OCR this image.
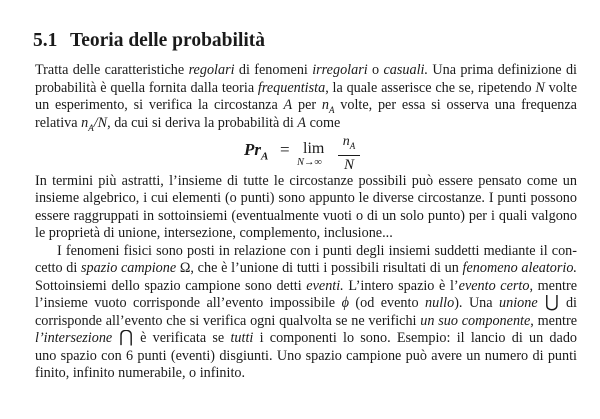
5.1 Teoria delle probabilità
Tratta delle caratteristiche regolari di fenomeni irregolari o casuali. Una prima definizione di
probabilità è quella fornita dalla teoria frequentista, la quale asserisce che se, ripetendo N volte
un esperimento, si verifica la circostanza A per $n_A$ volte, per essa si osserva una frequenza
relativa $n_A/N$, da cui si deriva la probabilità di A come
$Pr_A = \lim$
N→∞
$n_A$
N
In termini più astratti, l’insieme di tutte le circostanze possibili può essere pensato come un
insieme algebrico, i cui elementi (o punti) sono appunto le diverse circostanze. I punti possono
essere raggruppati in sottoinsiemi (eventualmente vuoti o di un solo punto) per i quali valgono
le proprietà di unione, intersezione, complemento, inclusione...
I fenomeni fisici sono posti in relazione con i punti degli insiemi suddetti mediante il con-
cetto di spazio campione Ω, che è l’unione di tutti i possibili risultati di un fenomeno aleatorio.
Sottoinsiemi dello spazio campione sono detti eventi. L’intero spazio è l’evento certo, mentre
l’insieme vuoto corrisponde all’evento impossibile ϕ (od evento nullo). Una unione ⋃ di
corrisponde all’evento che si verifica ogni qualvolta se ne verifichi un suo componente, mentre
l’intersezione ⋂ è verificata se tutti i componenti lo sono. Esempio: il lancio di un dado
uno spazio con 6 punti (eventi) disgiunti. Uno spazio campione può avere un numero di punti
finito, infinito numerabile, o infinito.
